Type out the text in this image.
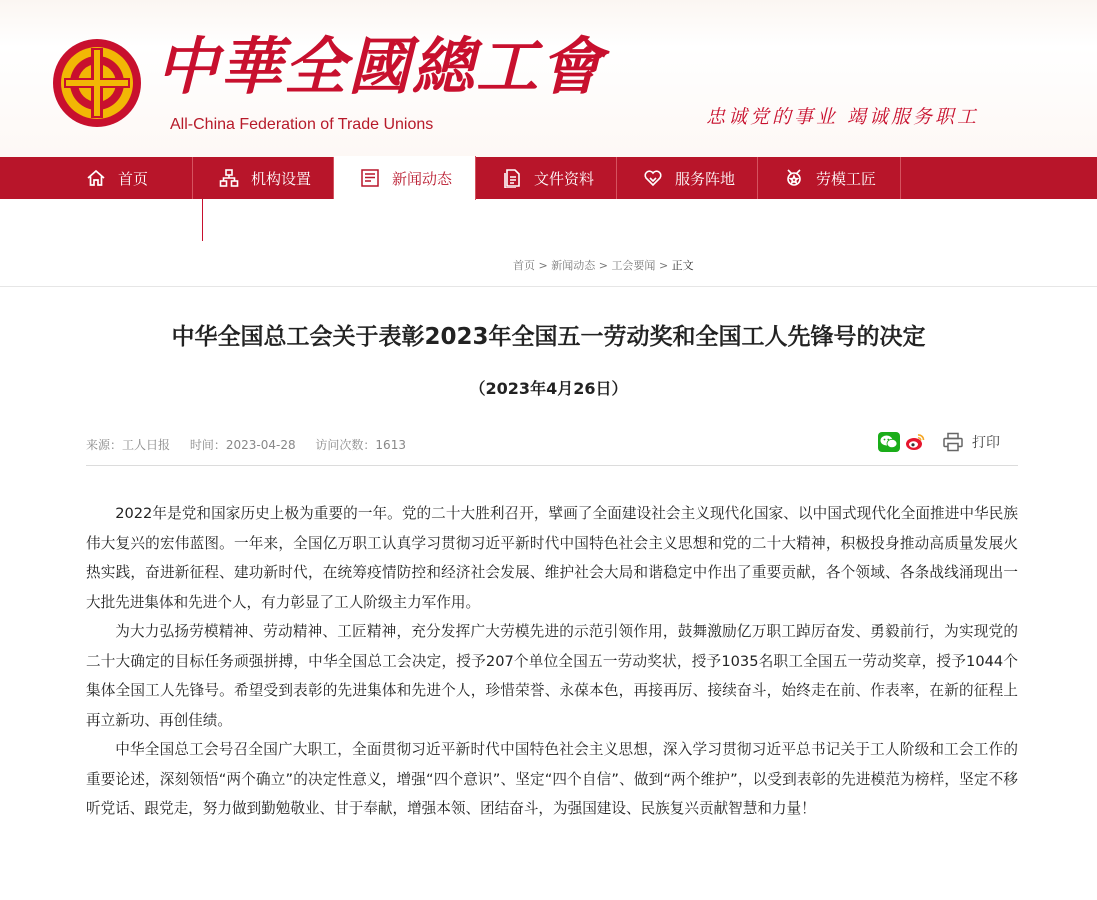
中華全國總工會
All-China Federation of Trade Unions	忠诚党的事业 竭诚服务职工
首页	机构设置	新闻动态	文件资料	服务阵地	劳模工匠
首页 > 新闻动态 > 工会要闻 > 正文
中华全国总工会关于表彰2023年全国五一劳动奖和全国工人先锋号的决定
（2023年4月26日）
来源：工人日报 时间：2023-04-28 访问次数：1613	打印

2022年是党和国家历史上极为重要的一年。党的二十大胜利召开，擘画了全面建设社会主义现代化国家、以中国式现代化全面推进中华民族伟大复兴的宏伟蓝图。一年来，全国亿万职工认真学习贯彻习近平新时代中国特色社会主义思想和党的二十大精神，积极投身推动高质量发展火热实践，奋进新征程、建功新时代，在统筹疫情防控和经济社会发展、维护社会大局和谐稳定中作出了重要贡献，各个领域、各条战线涌现出一大批先进集体和先进个人，有力彰显了工人阶级主力军作用。

为大力弘扬劳模精神、劳动精神、工匠精神，充分发挥广大劳模先进的示范引领作用，鼓舞激励亿万职工踔厉奋发、勇毅前行，为实现党的二十大确定的目标任务顽强拼搏，中华全国总工会决定，授予207个单位全国五一劳动奖状，授予1035名职工全国五一劳动奖章，授予1044个集体全国工人先锋号。希望受到表彰的先进集体和先进个人，珍惜荣誉、永葆本色，再接再厉、接续奋斗，始终走在前、作表率，在新的征程上再立新功、再创佳绩。

中华全国总工会号召全国广大职工，全面贯彻习近平新时代中国特色社会主义思想，深入学习贯彻习近平总书记关于工人阶级和工会工作的重要论述，深刻领悟“两个确立”的决定性意义，增强“四个意识”、坚定“四个自信”、做到“两个维护”，以受到表彰的先进模范为榜样，坚定不移听党话、跟党走，努力做到勤勉敬业、甘于奉献，增强本领、团结奋斗，为强国建设、民族复兴贡献智慧和力量！
